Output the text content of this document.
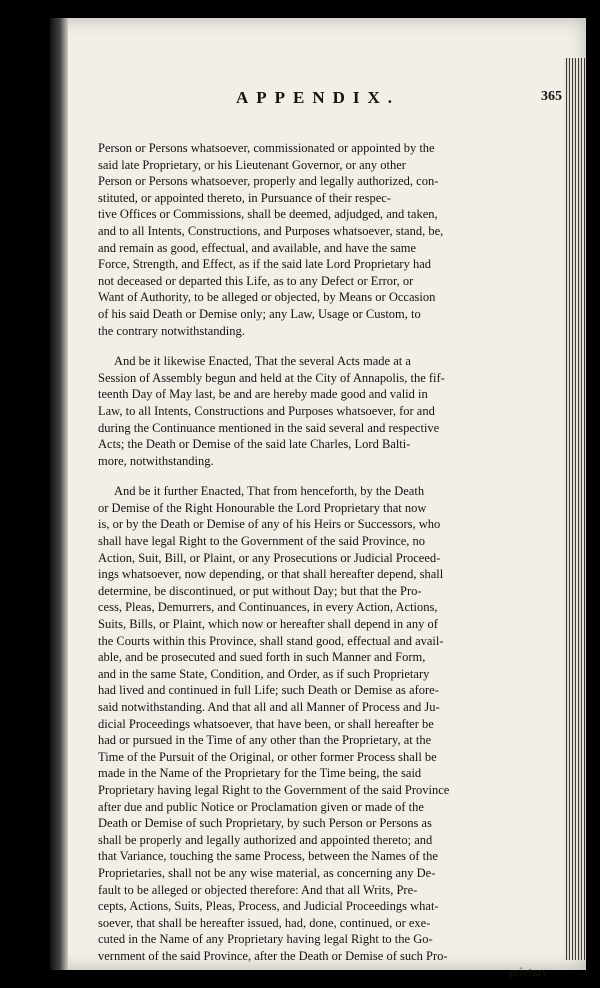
APPENDIX.	365

Person or Persons whatsoever, commissionated or appointed by the
said late Proprietary, or his Lieutenant Governor, or any other
Person or Persons whatsoever, properly and legally authorized, con-
stituted, or appointed thereto, in Pursuance of their respec-
tive Offices or Commissions, shall be deemed, adjudged, and taken,
and to all Intents, Constructions, and Purposes whatsoever, stand, be,
and remain as good, effectual, and available, and have the same
Force, Strength, and Effect, as if the said late Lord Proprietary had
not deceased or departed this Life, as to any Defect or Error, or
Want of Authority, to be alleged or objected, by Means or Occasion
of his said Death or Demise only; any Law, Usage or Custom, to
the contrary notwithstanding.

And be it likewise Enacted, That the several Acts made at a
Session of Assembly begun and held at the City of Annapolis, the fif-
teenth Day of May last, be and are hereby made good and valid in
Law, to all Intents, Constructions and Purposes whatsoever, for and
during the Continuance mentioned in the said several and respective
Acts; the Death or Demise of the said late Charles, Lord Balti-
more, notwithstanding.

And be it further Enacted, That from henceforth, by the Death
or Demise of the Right Honourable the Lord Proprietary that now
is, or by the Death or Demise of any of his Heirs or Successors, who
shall have legal Right to the Government of the said Province, no
Action, Suit, Bill, or Plaint, or any Prosecutions or Judicial Proceed-
ings whatsoever, now depending, or that shall hereafter depend, shall
determine, be discontinued, or put without Day; but that the Pro-
cess, Pleas, Demurrers, and Continuances, in every Action, Actions,
Suits, Bills, or Plaint, which now or hereafter shall depend in any of
the Courts within this Province, shall stand good, effectual and avail-
able, and be prosecuted and sued forth in such Manner and Form,
and in the same State, Condition, and Order, as if such Proprietary
had lived and continued in full Life; such Death or Demise as afore-
said notwithstanding. And that all and all Manner of Process and Ju-
dicial Proceedings whatsoever, that have been, or shall hereafter be
had or pursued in the Time of any other than the Proprietary, at the
Time of the Pursuit of the Original, or other former Process shall be
made in the Name of the Proprietary for the Time being, the said
Proprietary having legal Right to the Government of the said Province
after due and public Notice or Proclamation given or made of the
Death or Demise of such Proprietary, by such Person or Persons as
shall be properly and legally authorized and appointed thereto; and
that Variance, touching the same Process, between the Names of the
Proprietaries, shall not be any wise material, as concerning any De-
fault to be alleged or objected therefore: And that all Writs, Pre-
cepts, Actions, Suits, Pleas, Process, and Judicial Proceedings what-
soever, that shall be hereafter issued, had, done, continued, or exe-
cuted in the Name of any Proprietary having legal Right to the Go-
vernment of the said Province, after the Death or Demise of such Pro-

prietary
